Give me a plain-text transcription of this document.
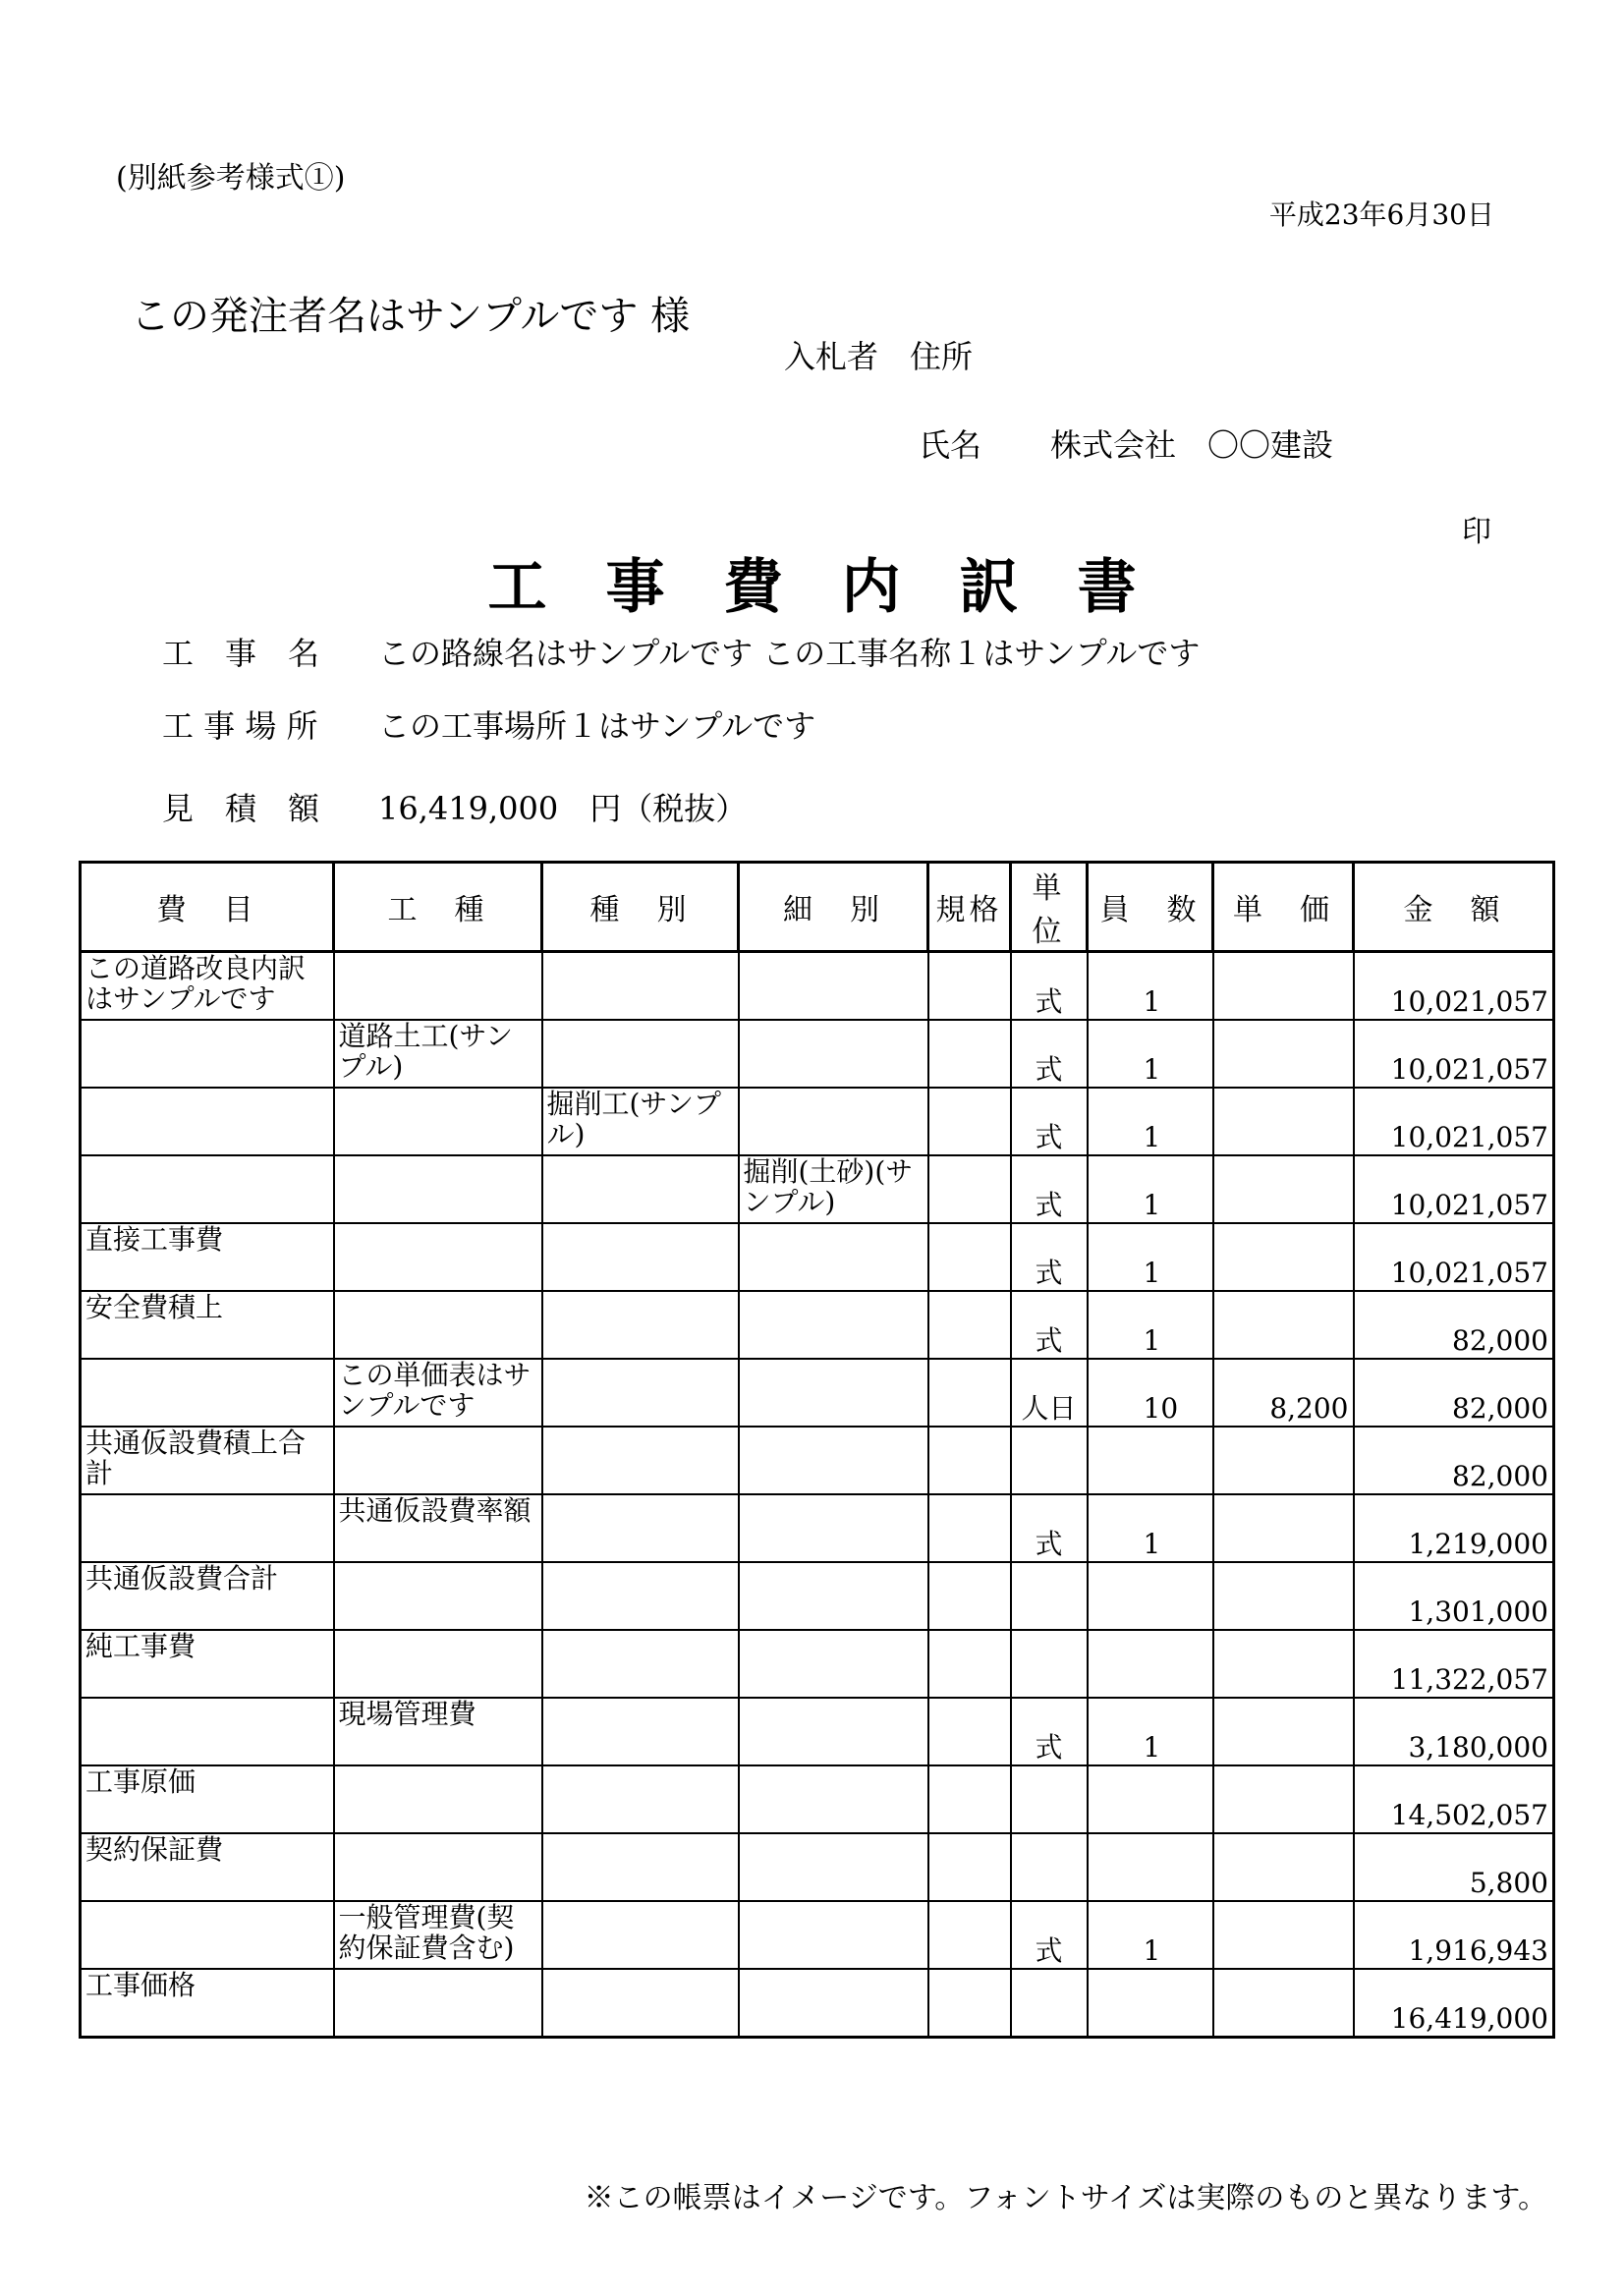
(別紙参考様式①)
平成23年6月30日
この発注者名はサンプルです 様
入札者　住所
氏名 株式会社　〇〇建設
印
工事費内訳書
工　事　名 この路線名はサンプルです この工事名称１はサンプルです
工 事 場 所 この工事場所１はサンプルです
見　積　額 16,419,000　円（税抜）
費　目	工　種	種　別	細　別	規格	単位	員　数	単　価	金　額
この道路改良内訳はサンプルです					式	1		10,021,057
	道路土工(サンプル)				式	1		10,021,057
		掘削工(サンプル)			式	1		10,021,057
			掘削(土砂)(サンプル)		式	1		10,021,057
直接工事費					式	1		10,021,057
安全費積上					式	1		82,000
	この単価表はサンプルです				人日	10	8,200	82,000
共通仮設費積上合計								82,000
	共通仮設費率額				式	1		1,219,000
共通仮設費合計								1,301,000
純工事費								11,322,057
	現場管理費				式	1		3,180,000
工事原価								14,502,057
契約保証費								5,800
	一般管理費(契約保証費含む)				式	1		1,916,943
工事価格								16,419,000
※この帳票はイメージです。フォントサイズは実際のものと異なります。
